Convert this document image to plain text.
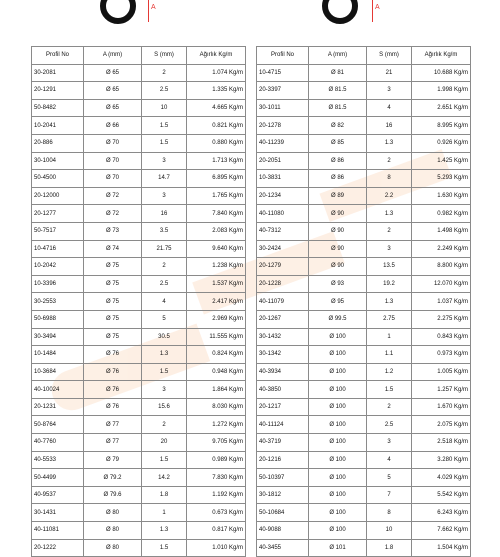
A	A
Profil No	A (mm)	S (mm)	Ağırlık Kg/m
30-2081	Ø 65	2	1.074 Kg/m
20-1291	Ø 65	2.5	1.335 Kg/m
50-8482	Ø 65	10	4.665 Kg/m
10-2041	Ø 66	1.5	0.821 Kg/m
20-886	Ø 70	1.5	0.880 Kg/m
30-1004	Ø 70	3	1.713 Kg/m
50-4500	Ø 70	14.7	6.895 Kg/m
20-12000	Ø 72	3	1.765 Kg/m
20-1277	Ø 72	16	7.840 Kg/m
50-7517	Ø 73	3.5	2.083 Kg/m
10-4716	Ø 74	21.75	9.640 Kg/m
10-2042	Ø 75	2	1.238 Kg/m
10-3396	Ø 75	2.5	1.537 Kg/m
30-2553	Ø 75	4	2.417 Kg/m
50-6988	Ø 75	5	2.969 Kg/m
30-3494	Ø 75	30.5	11.555 Kg/m
10-1484	Ø 76	1.3	0.824 Kg/m
10-3684	Ø 76	1.5	0.948 Kg/m
40-10024	Ø 76	3	1.864 Kg/m
20-1231	Ø 76	15.6	8.030 Kg/m
50-8764	Ø 77	2	1.272 Kg/m
40-7760	Ø 77	20	9.705 Kg/m
40-5533	Ø 79	1.5	0.989 Kg/m
50-4499	Ø 79.2	14.2	7.830 Kg/m
40-9537	Ø 79.6	1.8	1.192 Kg/m
30-1431	Ø 80	1	0.673 Kg/m
40-11081	Ø 80	1.3	0.817 Kg/m
20-1222	Ø 80	1.5	1.010 Kg/m
Profil No	A (mm)	S (mm)	Ağırlık Kg/m
10-4715	Ø 81	21	10.688 Kg/m
20-3397	Ø 81.5	3	1.998 Kg/m
30-1011	Ø 81.5	4	2.651 Kg/m
20-1278	Ø 82	16	8.995 Kg/m
40-11239	Ø 85	1.3	0.926 Kg/m
20-2051	Ø 86	2	1.425 Kg/m
10-3831	Ø 86	8	5.293 Kg/m
20-1234	Ø 89	2.2	1.630 Kg/m
40-11080	Ø 90	1.3	0.982 Kg/m
40-7312	Ø 90	2	1.498 Kg/m
30-2424	Ø 90	3	2.249 Kg/m
20-1279	Ø 90	13.5	8.800 Kg/m
20-1228	Ø 93	19.2	12.070 Kg/m
40-11079	Ø 95	1.3	1.037 Kg/m
20-1267	Ø 99.5	2.75	2.275 Kg/m
30-1432	Ø 100	1	0.843 Kg/m
30-1342	Ø 100	1.1	0.973 Kg/m
40-3934	Ø 100	1.2	1.005 Kg/m
40-3850	Ø 100	1.5	1.257 Kg/m
20-1217	Ø 100	2	1.670 Kg/m
40-11124	Ø 100	2.5	2.075 Kg/m
40-3719	Ø 100	3	2.518 Kg/m
20-1216	Ø 100	4	3.280 Kg/m
50-10397	Ø 100	5	4.029 Kg/m
30-1812	Ø 100	7	5.542 Kg/m
50-10684	Ø 100	8	6.243 Kg/m
40-9088	Ø 100	10	7.662 Kg/m
40-3455	Ø 101	1.8	1.504 Kg/m
